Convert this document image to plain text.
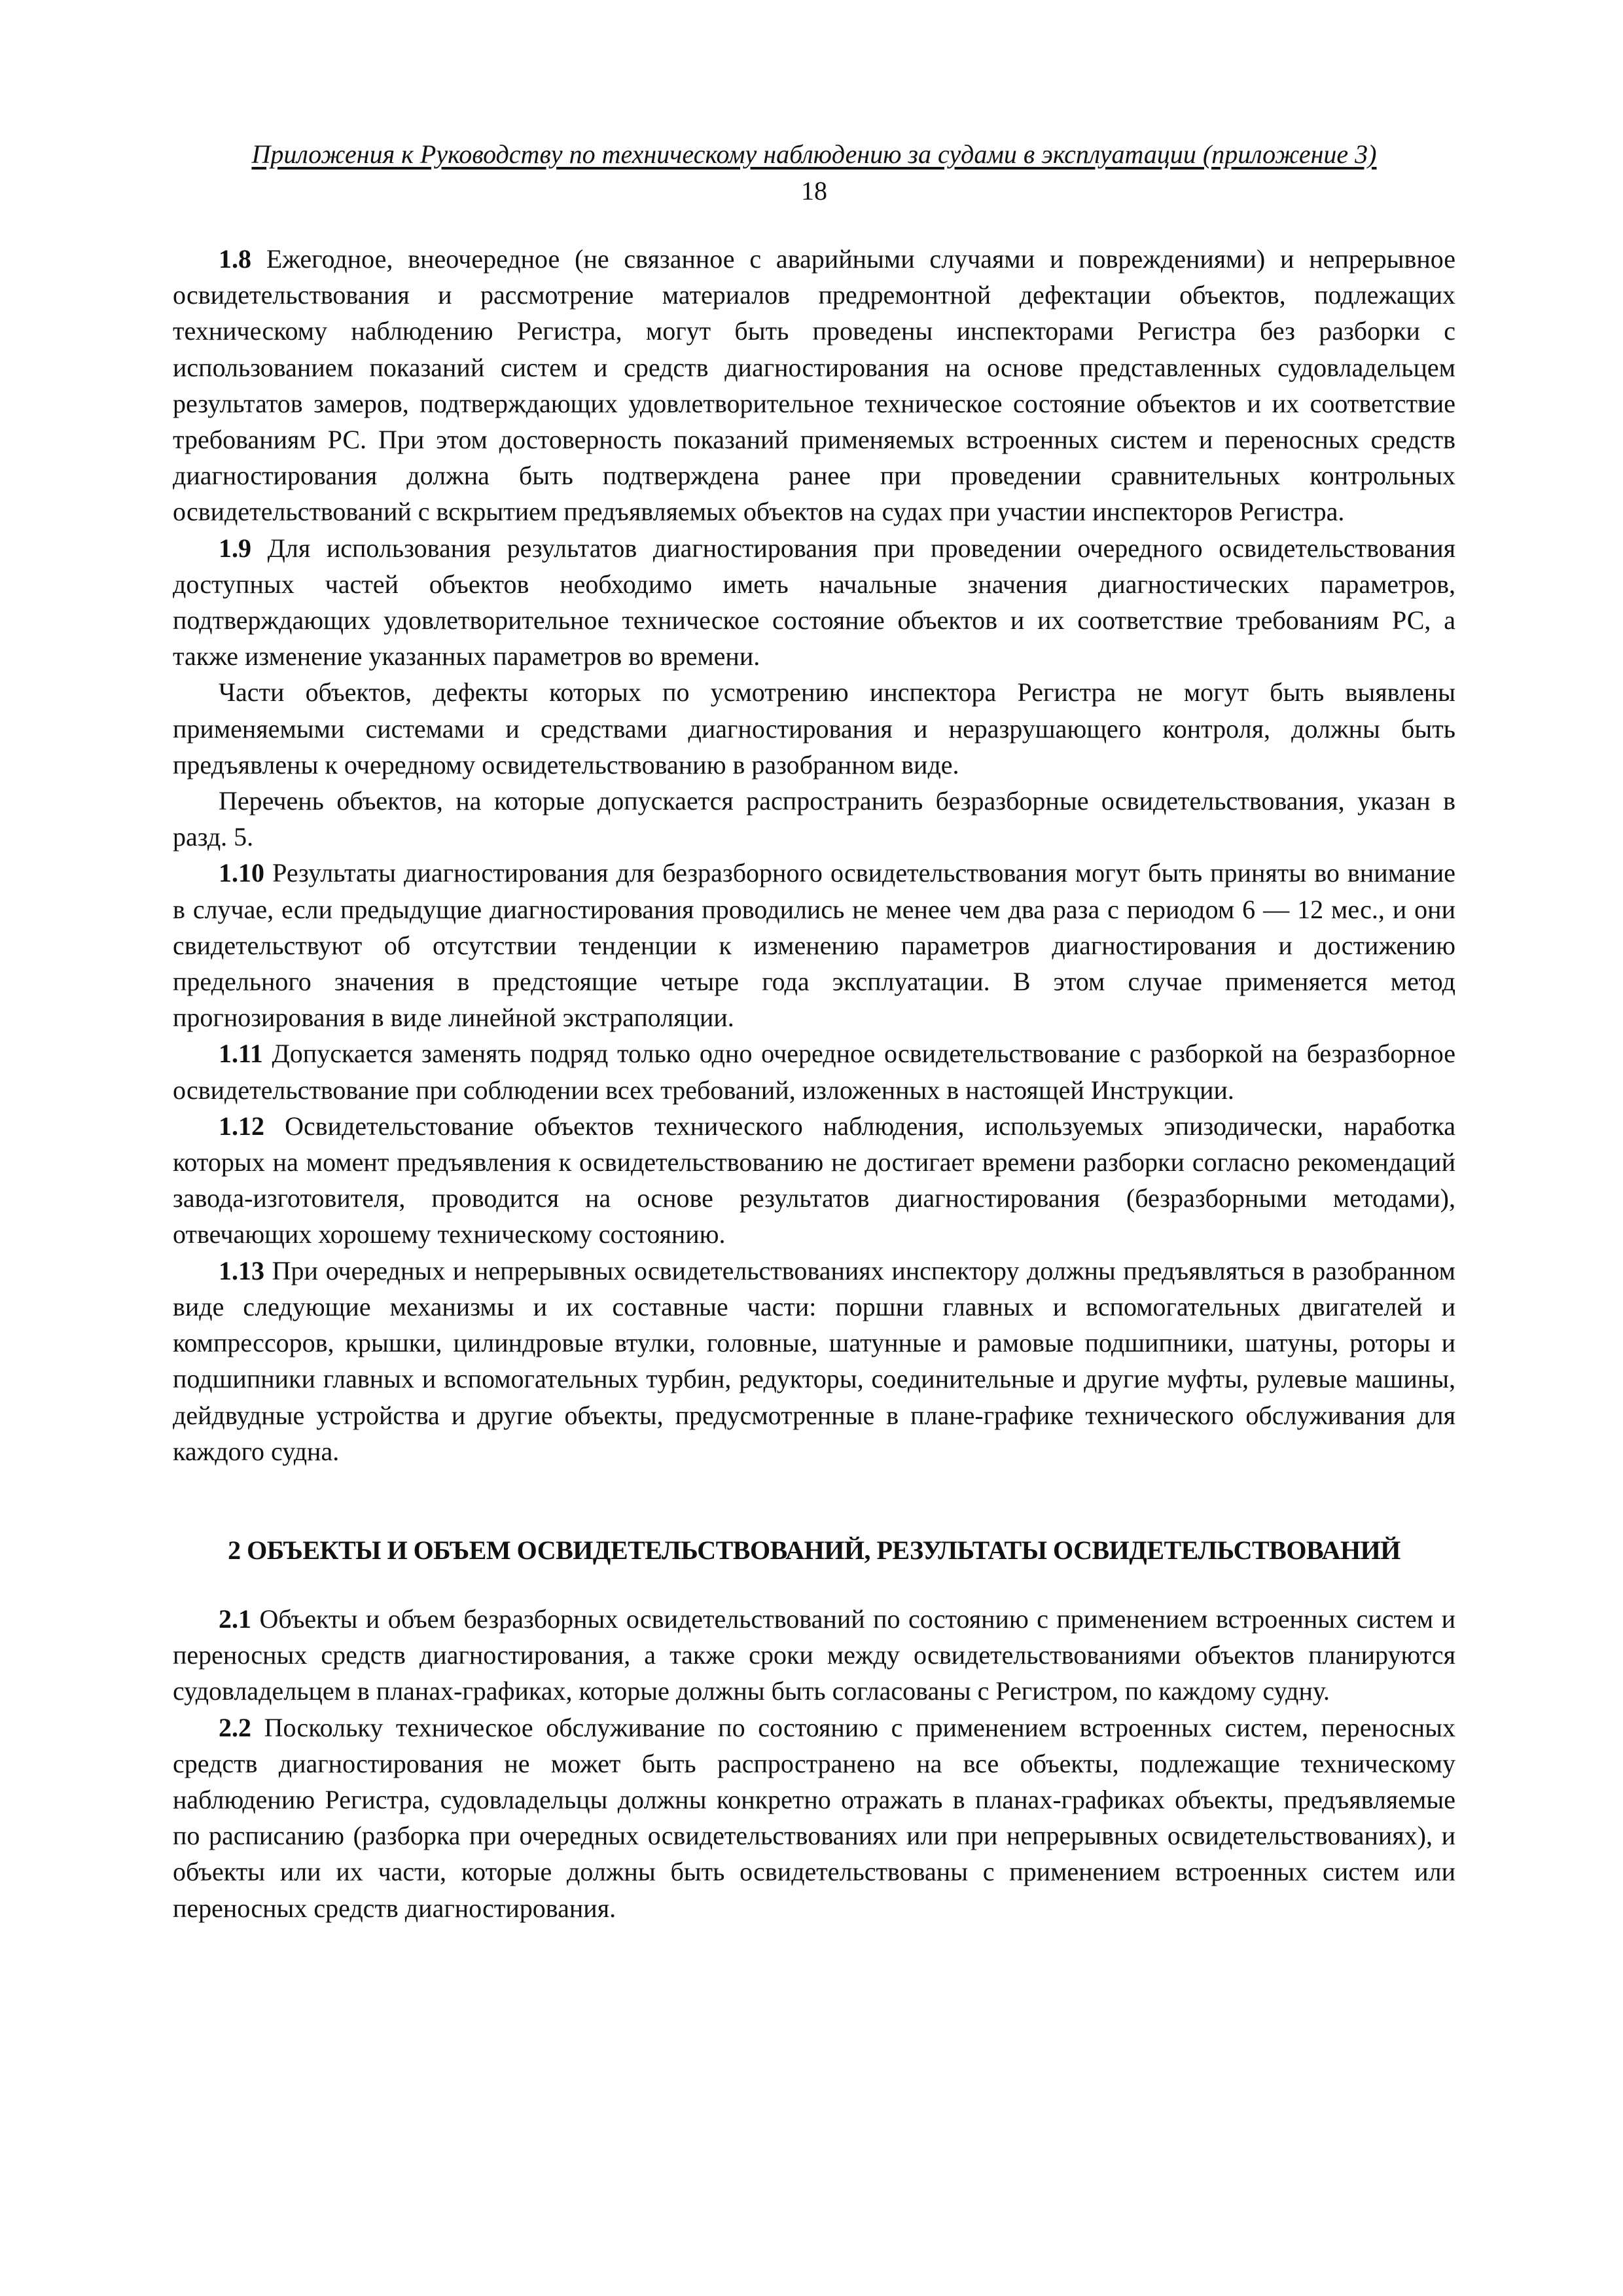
Приложения к Руководству по техническому наблюдению за судами в эксплуатации (приложение 3)
18

1.8 Ежегодное, внеочередное (не связанное с аварийными случаями и повреждениями) и непрерывное освидетельствования и рассмотрение материалов предремонтной дефектации объектов, подлежащих техническому наблюдению Регистра, могут быть проведены инспекторами Регистра без разборки с использованием показаний систем и средств диагностирования на основе представленных судовладельцем результатов замеров, подтверждающих удовлетворительное техническое состояние объектов и их соответствие требованиям РС. При этом достоверность показаний применяемых встроенных систем и переносных средств диагностирования должна быть подтверждена ранее при проведении сравнительных контрольных освидетельствований с вскрытием предъявляемых объектов на судах при участии инспекторов Регистра.

1.9 Для использования результатов диагностирования при проведении очередного освидетельствования доступных частей объектов необходимо иметь начальные значения диагностических параметров, подтверждающих удовлетворительное техническое состояние объектов и их соответствие требованиям РС, а также изменение указанных параметров во времени.

Части объектов, дефекты которых по усмотрению инспектора Регистра не могут быть выявлены применяемыми системами и средствами диагностирования и неразрушающего контроля, должны быть предъявлены к очередному освидетельствованию в разобранном виде.

Перечень объектов, на которые допускается распространить безразборные освидетельствования, указан в разд. 5.

1.10 Результаты диагностирования для безразборного освидетельствования могут быть приняты во внимание в случае, если предыдущие диагностирования проводились не менее чем два раза с периодом 6 — 12 мес., и они свидетельствуют об отсутствии тенденции к изменению параметров диагностирования и достижению предельного значения в предстоящие четыре года эксплуатации. В этом случае применяется метод прогнозирования в виде линейной экстраполяции.

1.11 Допускается заменять подряд только одно очередное освидетельствование с разборкой на безразборное освидетельствование при соблюдении всех требований, изложенных в настоящей Инструкции.

1.12 Освидетельстование объектов технического наблюдения, используемых эпизодически, наработка которых на момент предъявления к освидетельствованию не достигает времени разборки согласно рекомендаций завода-изготовителя, проводится на основе результатов диагностирования (безразборными методами), отвечающих хорошему техническому состоянию.

1.13 При очередных и непрерывных освидетельствованиях инспектору должны предъявляться в разобранном виде следующие механизмы и их составные части: поршни главных и вспомогательных двигателей и компрессоров, крышки, цилиндровые втулки, головные, шатунные и рамовые подшипники, шатуны, роторы и подшипники главных и вспомогательных турбин, редукторы, соединительные и другие муфты, рулевые машины, дейдвудные устройства и другие объекты, предусмотренные в плане-графике технического обслуживания для каждого судна.

2 ОБЪЕКТЫ И ОБЪЕМ ОСВИДЕТЕЛЬСТВОВАНИЙ, РЕЗУЛЬТАТЫ ОСВИДЕТЕЛЬСТВОВАНИЙ

2.1 Объекты и объем безразборных освидетельствований по состоянию с применением встроенных систем и переносных средств диагностирования, а также сроки между освидетельствованиями объектов планируются судовладельцем в планах-графиках, которые должны быть согласованы с Регистром, по каждому судну.

2.2 Поскольку техническое обслуживание по состоянию с применением встроенных систем, переносных средств диагностирования не может быть распространено на все объекты, подлежащие техническому наблюдению Регистра, судовладельцы должны конкретно отражать в планах-графиках объекты, предъявляемые по расписанию (разборка при очередных освидетельствованиях или при непрерывных освидетельствованиях), и объекты или их части, которые должны быть освидетельствованы с применением встроенных систем или переносных средств диагностирования.
